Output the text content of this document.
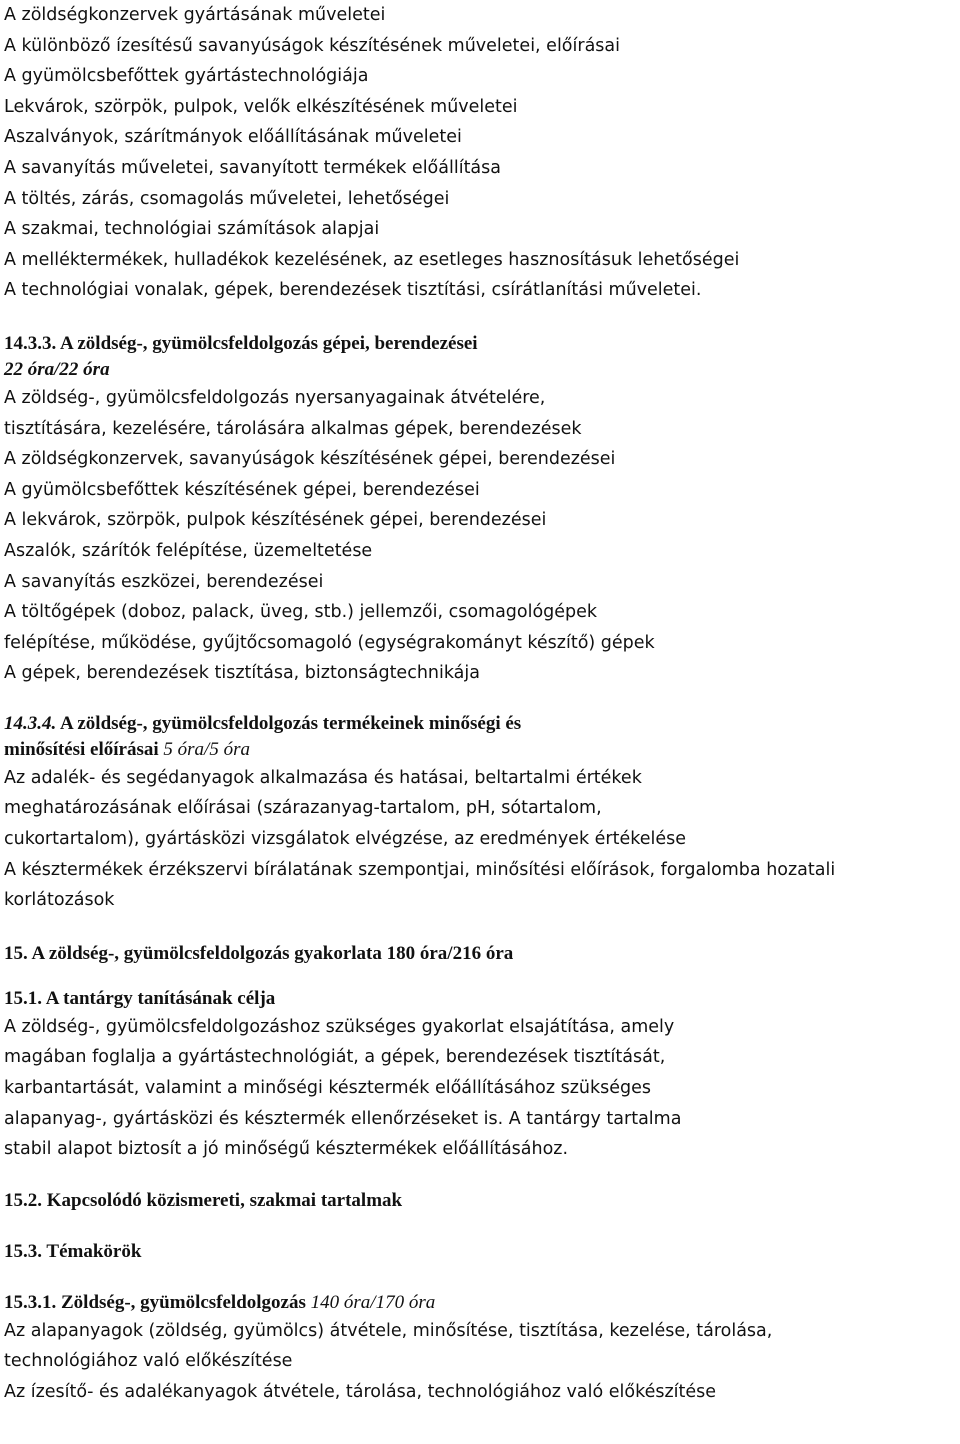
A zöldségkonzervek gyártásának műveletei

A különböző ízesítésű savanyúságok készítésének műveletei, előírásai

A gyümölcsbefőttek gyártástechnológiája

Lekvárok, szörpök, pulpok, velők elkészítésének műveletei

Aszalványok, szárítmányok előállításának műveletei

A savanyítás műveletei, savanyított termékek előállítása

A töltés, zárás, csomagolás műveletei, lehetőségei

A szakmai, technológiai számítások alapjai

A melléktermékek, hulladékok kezelésének, az esetleges hasznosításuk lehetőségei

A technológiai vonalak, gépek, berendezések tisztítási, csírátlanítási műveletei.

14.3.3. A zöldség-, gyümölcsfeldolgozás gépei, berendezései

22 óra/22 óra

A zöldség-, gyümölcsfeldolgozás nyersanyagainak átvételére,

tisztítására, kezelésére, tárolására alkalmas gépek, berendezések

A zöldségkonzervek, savanyúságok készítésének gépei, berendezései

A gyümölcsbefőttek készítésének gépei, berendezései

A lekvárok, szörpök, pulpok készítésének gépei, berendezései

Aszalók, szárítók felépítése, üzemeltetése

A savanyítás eszközei, berendezései

A töltőgépek (doboz, palack, üveg, stb.) jellemzői, csomagológépek

felépítése, működése, gyűjtőcsomagoló (egységrakományt készítő) gépek

A gépek, berendezések tisztítása, biztonságtechnikája

14.3.4. A zöldség-, gyümölcsfeldolgozás termékeinek minőségi és

minősítési előírásai 5 óra/5 óra

Az adalék- és segédanyagok alkalmazása és hatásai, beltartalmi értékek

meghatározásának előírásai (szárazanyag-tartalom, pH, sótartalom,

cukortartalom), gyártásközi vizsgálatok elvégzése, az eredmények értékelése

A késztermékek érzékszervi bírálatának szempontjai, minősítési előírások, forgalomba hozatali

korlátozások

15. A zöldség-, gyümölcsfeldolgozás gyakorlata 180 óra/216 óra

15.1. A tantárgy tanításának célja

A zöldség-, gyümölcsfeldolgozáshoz szükséges gyakorlat elsajátítása, amely

magában foglalja a gyártástechnológiát, a gépek, berendezések tisztítását,

karbantartását, valamint a minőségi késztermék előállításához szükséges

alapanyag-, gyártásközi és késztermék ellenőrzéseket is. A tantárgy tartalma

stabil alapot biztosít a jó minőségű késztermékek előállításához.

15.2. Kapcsolódó közismereti, szakmai tartalmak

15.3. Témakörök

15.3.1. Zöldség-, gyümölcsfeldolgozás 140 óra/170 óra

Az alapanyagok (zöldség, gyümölcs) átvétele, minősítése, tisztítása, kezelése, tárolása,

technológiához való előkészítése

Az ízesítő- és adalékanyagok átvétele, tárolása, technológiához való előkészítése
